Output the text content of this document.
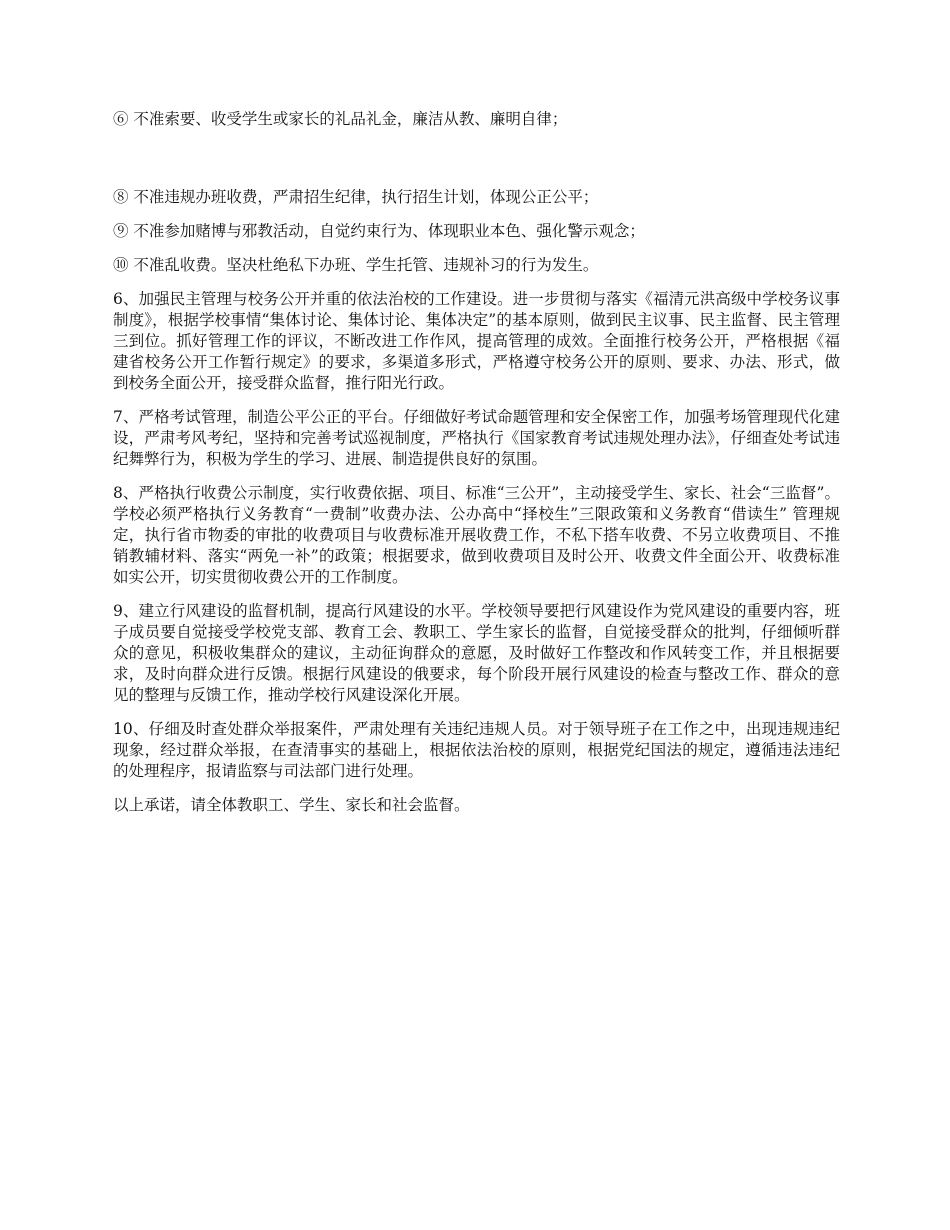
⑥ 不准索要、收受学生或家长的礼品礼金，廉洁从教、廉明自律；

⑧ 不准违规办班收费，严肃招生纪律，执行招生计划，体现公正公平；

⑨ 不准参加赌博与邪教活动，自觉约束行为、体现职业本色、强化警示观念；

⑩ 不准乱收费。坚决杜绝私下办班、学生托管、违规补习的行为发生。

6、加强民主管理与校务公开并重的依法治校的工作建设。进一步贯彻与落实《福清元洪高级中学校务议事制度》，根据学校事情“集体讨论、集体讨论、集体决定”的基本原则，做到民主议事、民主监督、民主管理三到位。抓好管理工作的评议，不断改进工作作风，提高管理的成效。全面推行校务公开，严格根据《福建省校务公开工作暂行规定》的要求，多渠道多形式，严格遵守校务公开的原则、要求、办法、形式，做到校务全面公开，接受群众监督，推行阳光行政。

7、严格考试管理，制造公平公正的平台。仔细做好考试命题管理和安全保密工作，加强考场管理现代化建设，严肃考风考纪，坚持和完善考试巡视制度，严格执行《国家教育考试违规处理办法》，仔细查处考试违纪舞弊行为，积极为学生的学习、进展、制造提供良好的氛围。

8、严格执行收费公示制度，实行收费依据、项目、标准“三公开”，主动接受学生、家长、社会“三监督”。 学校必须严格执行义务教育“一费制”收费办法、公办高中“择校生”三限政策和义务教育“借读生” 管理规定，执行省市物委的审批的收费项目与收费标准开展收费工作，不私下搭车收费、不另立收费项目、不推销教辅材料、落实“两免一补”的政策；根据要求，做到收费项目及时公开、收费文件全面公开、收费标准如实公开，切实贯彻收费公开的工作制度。

9、建立行风建设的监督机制，提高行风建设的水平。学校领导要把行风建设作为党风建设的重要内容，班子成员要自觉接受学校党支部、教育工会、教职工、学生家长的监督，自觉接受群众的批判，仔细倾听群众的意见，积极收集群众的建议，主动征询群众的意愿，及时做好工作整改和作风转变工作，并且根据要求，及时向群众进行反馈。根据行风建设的俄要求，每个阶段开展行风建设的检查与整改工作、群众的意见的整理与反馈工作，推动学校行风建设深化开展。

10、仔细及时查处群众举报案件，严肃处理有关违纪违规人员。对于领导班子在工作之中，出现违规违纪现象，经过群众举报，在查清事实的基础上，根据依法治校的原则，根据党纪国法的规定，遵循违法违纪的处理程序，报请监察与司法部门进行处理。

以上承诺，请全体教职工、学生、家长和社会监督。
